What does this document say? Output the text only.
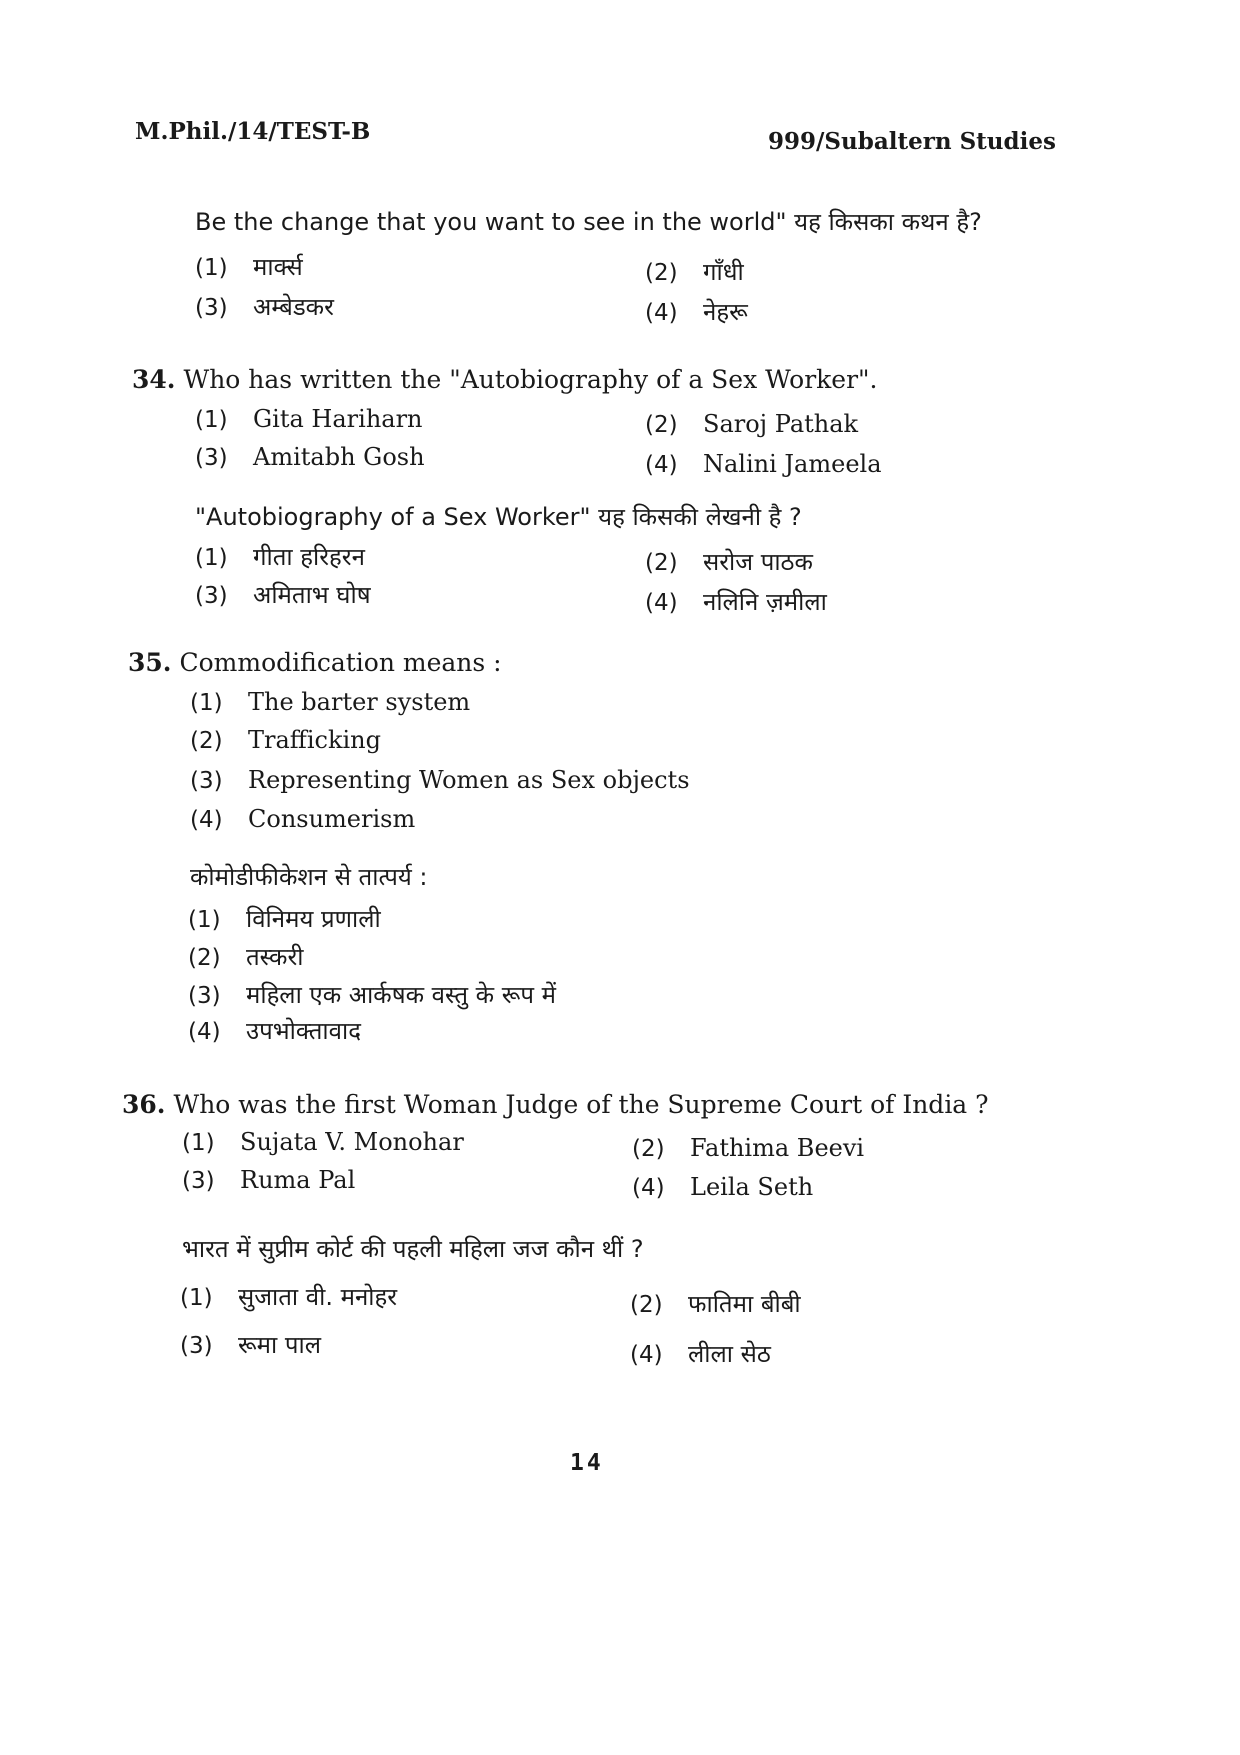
M.Phil./14/TEST-B	999/Subaltern Studies
Be the change that you want to see in the world" यह किसका कथन है?
(1) मार्क्स	(2) गाँधी
(3) अम्बेडकर	(4) नेहरू
34. Who has written the "Autobiography of a Sex Worker".
(1) Gita Hariharn	(2) Saroj Pathak
(3) Amitabh Gosh	(4) Nalini Jameela
"Autobiography of a Sex Worker" यह किसकी लेखनी है ?
(1) गीता हरिहरन	(2) सरोज पाठक
(3) अमिताभ घोष	(4) नलिनि ज़मीला
35. Commodification means :
(1) The barter system
(2) Trafficking
(3) Representing Women as Sex objects
(4) Consumerism
कोमोडीफीकेशन से तात्पर्य :
(1) विनिमय प्रणाली
(2) तस्करी
(3) महिला एक आर्कषक वस्तु के रूप में
(4) उपभोक्तावाद
36. Who was the first Woman Judge of the Supreme Court of India ?
(1) Sujata V. Monohar	(2) Fathima Beevi
(3) Ruma Pal	(4) Leila Seth
भारत में सुप्रीम कोर्ट की पहली महिला जज कौन थीं ?
(1) सुजाता वी. मनोहर	(2) फातिमा बीबी
(3) रूमा पाल	(4) लीला सेठ
14
